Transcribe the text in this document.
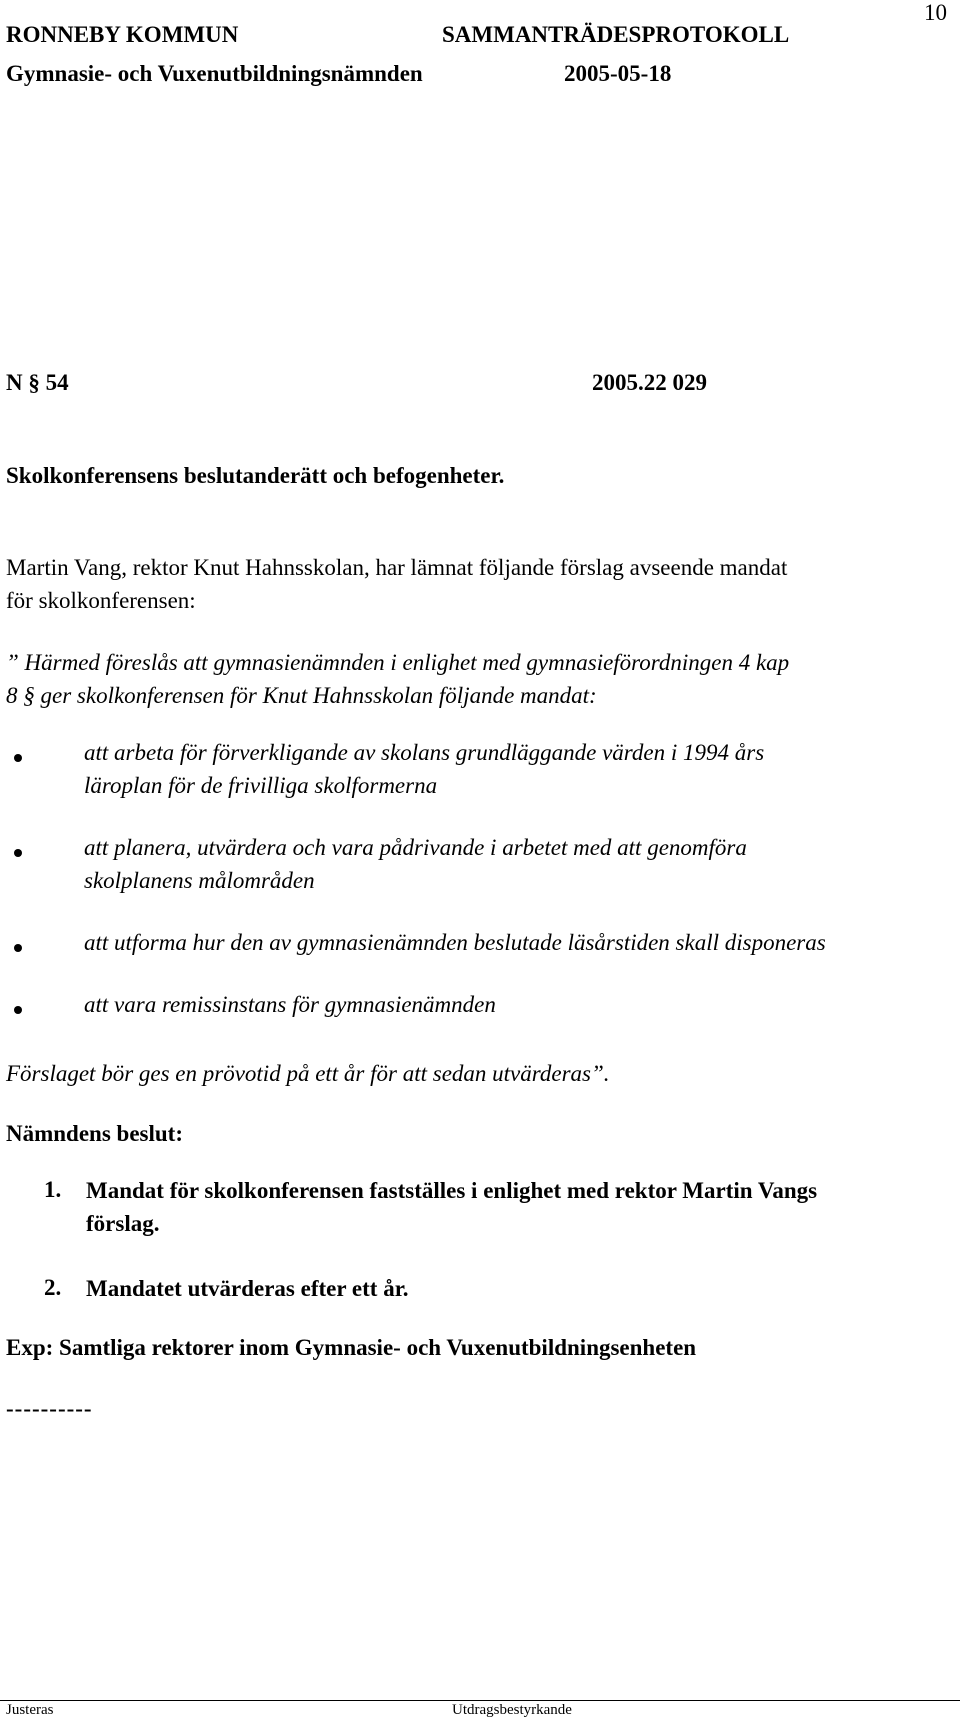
10
RONNEBY KOMMUN	SAMMANTRÄDESPROTOKOLL
Gymnasie- och Vuxenutbildningsnämnden	2005-05-18
N § 54	2005.22 029
Skolkonferensens beslutanderätt och befogenheter.
Martin Vang, rektor Knut Hahnsskolan, har lämnat följande förslag avseende mandat
för skolkonferensen:
” Härmed föreslås att gymnasienämnden i enlighet med gymnasieförordningen 4 kap
8 § ger skolkonferensen för Knut Hahnsskolan följande mandat:
att arbeta för förverkligande av skolans grundläggande värden i 1994 års
läroplan för de frivilliga skolformerna
att planera, utvärdera och vara pådrivande i arbetet med att genomföra
skolplanens målområden
att utforma hur den av gymnasienämnden beslutade läsårstiden skall disponeras
att vara remissinstans för gymnasienämnden
Förslaget bör ges en prövotid på ett år för att sedan utvärderas”.
Nämndens beslut:
1. Mandat för skolkonferensen fastställes i enlighet med rektor Martin Vangs
förslag.
2. Mandatet utvärderas efter ett år.
Exp: Samtliga rektorer inom Gymnasie- och Vuxenutbildningsenheten
----------
Justeras	Utdragsbestyrkande
